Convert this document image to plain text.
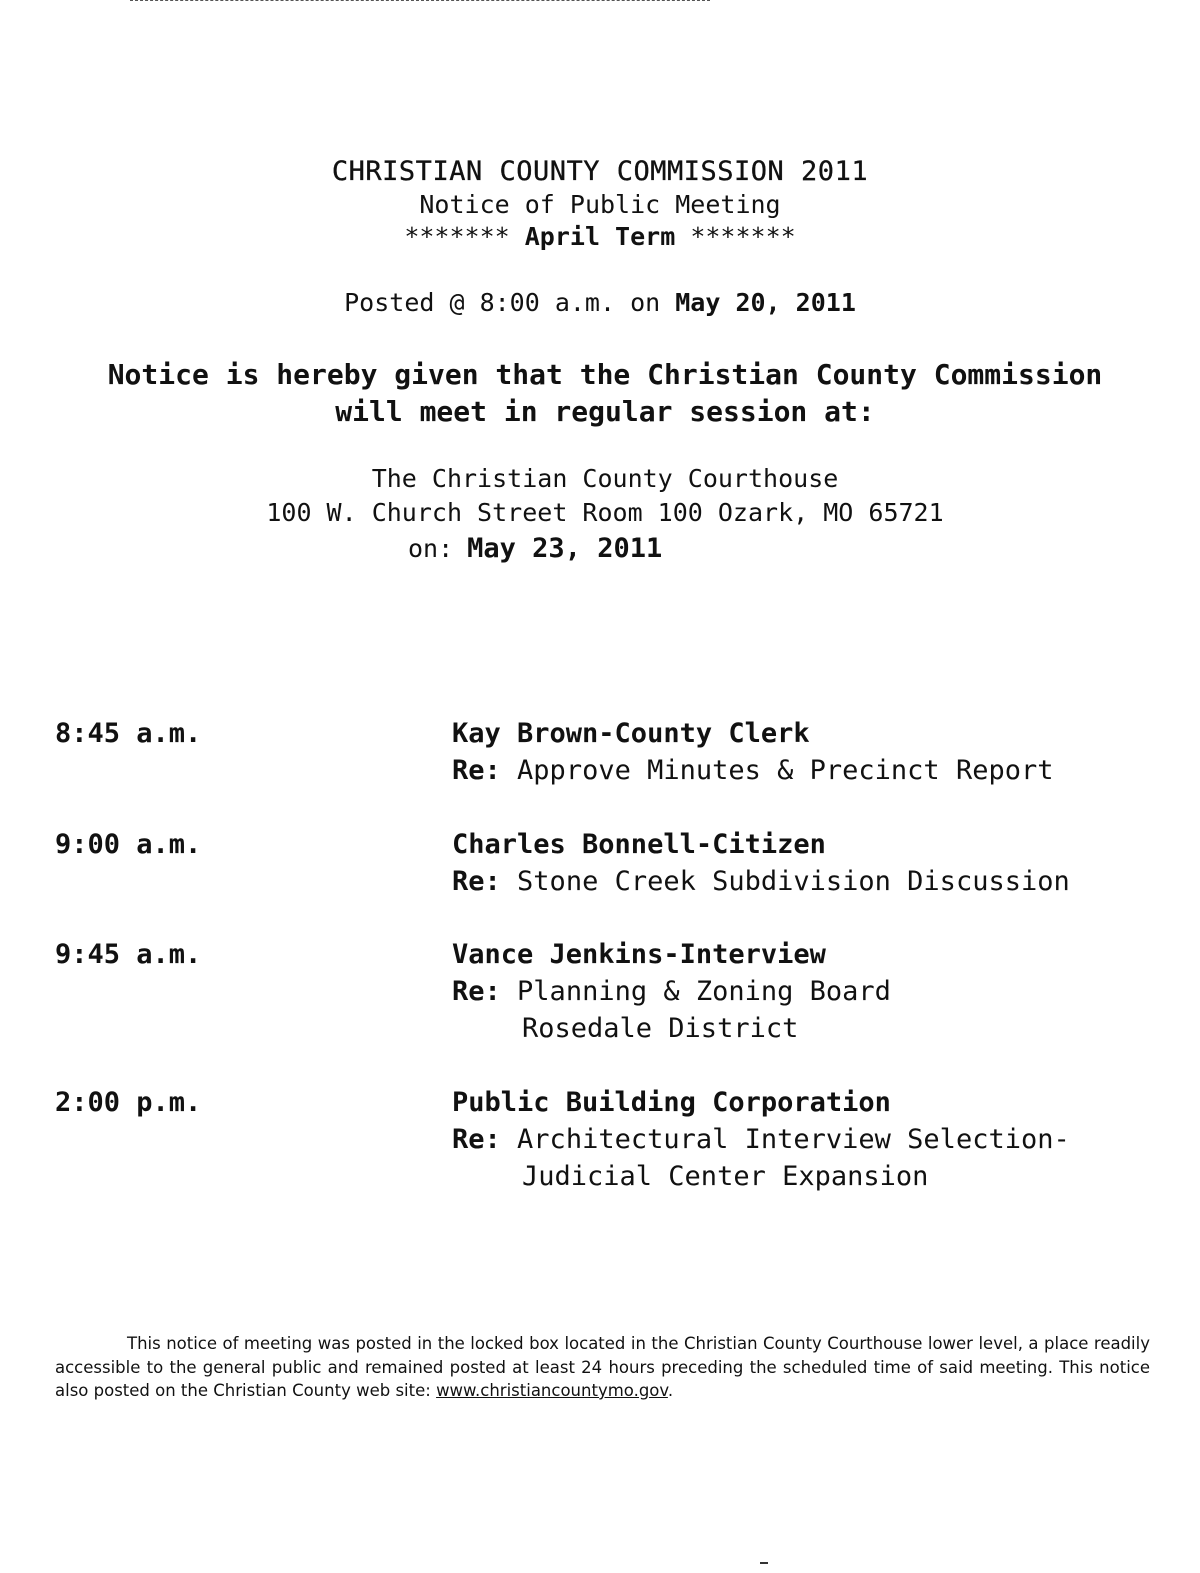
CHRISTIAN COUNTY COMMISSION 2011

Notice of Public Meeting

******* April Term *******

Posted @ 8:00 a.m. on May 20, 2011
Notice is hereby given that the Christian County Commission
will meet in regular session at:
The Christian County Courthouse
100 W. Church Street Room 100 Ozark, MO 65721
on: May 23, 2011
8:45 a.m.	Kay Brown-County Clerk
Re: Approve Minutes & Precinct Report
9:00 a.m.	Charles Bonnell-Citizen
Re: Stone Creek Subdivision Discussion
9:45 a.m.	Vance Jenkins-Interview
Re: Planning & Zoning Board
Rosedale District
2:00 p.m.	Public Building Corporation
Re: Architectural Interview Selection-
Judicial Center Expansion
This notice of meeting was posted in the locked box located in the Christian County Courthouse lower level, a place readily accessible to the general public and remained posted at least 24 hours preceding the scheduled time of said meeting. This notice also posted on the Christian County web site: www.christiancountymo.gov.
